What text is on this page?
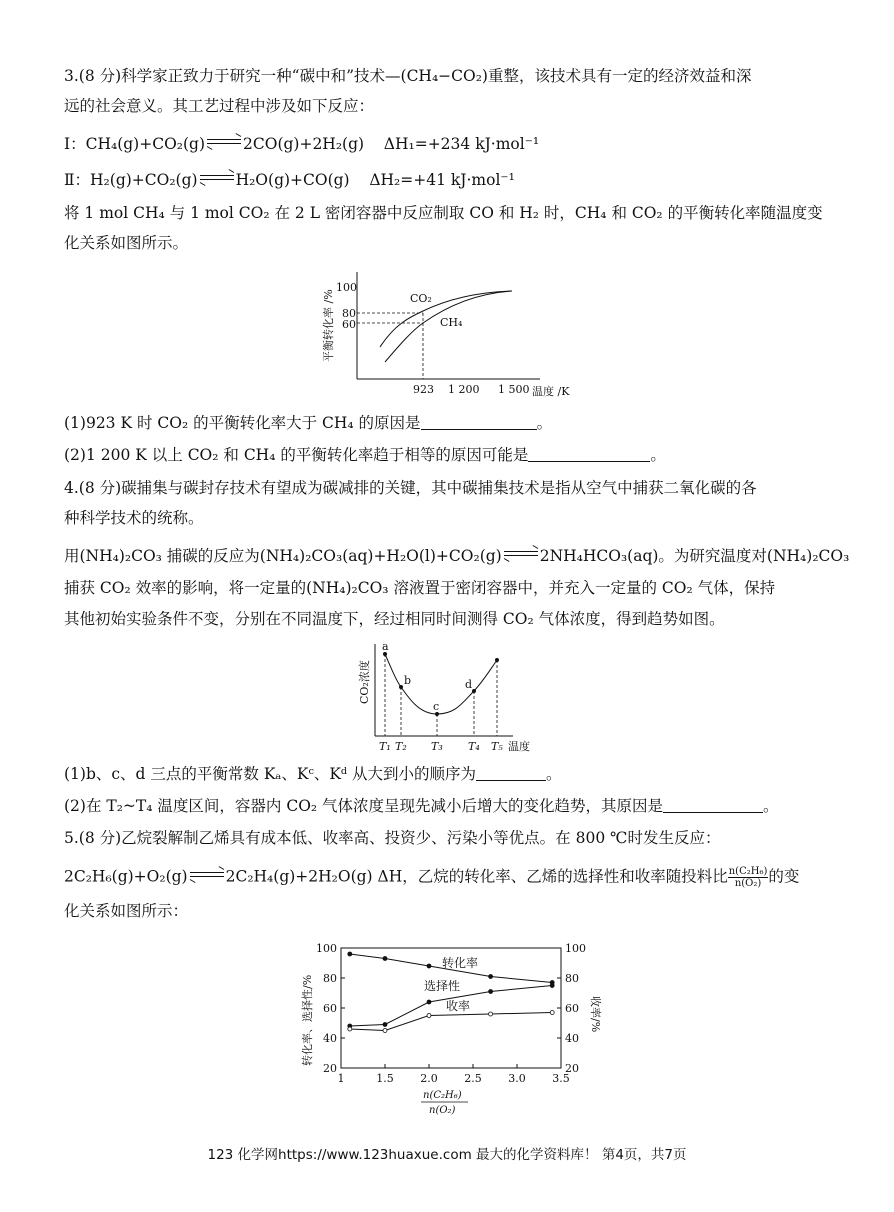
3.(8 分)科学家正致力于研究一种“碳中和”技术—(CH₄−CO₂)重整，该技术具有一定的经济效益和深
远的社会意义。其工艺过程中涉及如下反应：
Ⅰ：CH₄(g)+CO₂(g) 2CO(g)+2H₂(g) ΔH₁=+234 kJ·mol⁻¹
Ⅱ：H₂(g)+CO₂(g) H₂O(g)+CO(g) ΔH₂=+41 kJ·mol⁻¹
将 1 mol CH₄ 与 1 mol CO₂ 在 2 L 密闭容器中反应制取 CO 和 H₂ 时，CH₄ 和 CO₂ 的平衡转化率随温度变
化关系如图所示。
平衡转化率 /%
100
80
60
CO₂
CH₄
923 1 200 1 500 温度 /K
(1)923 K 时 CO₂ 的平衡转化率大于 CH₄ 的原因是	。
(2)1 200 K 以上 CO₂ 和 CH₄ 的平衡转化率趋于相等的原因可能是	。
4.(8 分)碳捕集与碳封存技术有望成为碳减排的关键，其中碳捕集技术是指从空气中捕获二氧化碳的各
种科学技术的统称。
用(NH₄)₂CO₃ 捕碳的反应为(NH₄)₂CO₃(aq)+H₂O(l)+CO₂(g) 2NH₄HCO₃(aq)。为研究温度对(NH₄)₂CO₃
捕获 CO₂ 效率的影响，将一定量的(NH₄)₂CO₃ 溶液置于密闭容器中，并充入一定量的 CO₂ 气体，保持
其他初始实验条件不变，分别在不同温度下，经过相同时间测得 CO₂ 气体浓度，得到趋势如图。
CO₂浓度
a
b
c
d
T₁ T₂ T₃ T₄ T₅ 温度
(1)b、c、d 三点的平衡常数 Kₐ、Kᶜ、Kᵈ 从大到小的顺序为	。
(2)在 T₂~T₄ 温度区间，容器内 CO₂ 气体浓度呈现先减小后增大的变化趋势，其原因是	。
5.(8 分)乙烷裂解制乙烯具有成本低、收率高、投资少、污染小等优点。在 800 ℃时发生反应：
2C₂H₆(g)+O₂(g) 2C₂H₄(g)+2H₂O(g) ΔH，乙烷的转化率、乙烯的选择性和收率随投料比 $\frac{\text{n(C₂H₆)}}{\text{n(O₂)}}$ 的变
化关系如图所示：
转化率、选择性/%	收率/%
100
80
60
40
20
100
80
60
40
20
1	1.5 2.0 2.5 3.0 3.5
转化率
选择性
收率
n(C₂H₆)
n(O₂)
123 化学网https://www.123huaxue.com 最大的化学资料库！ 第4页，共7页
